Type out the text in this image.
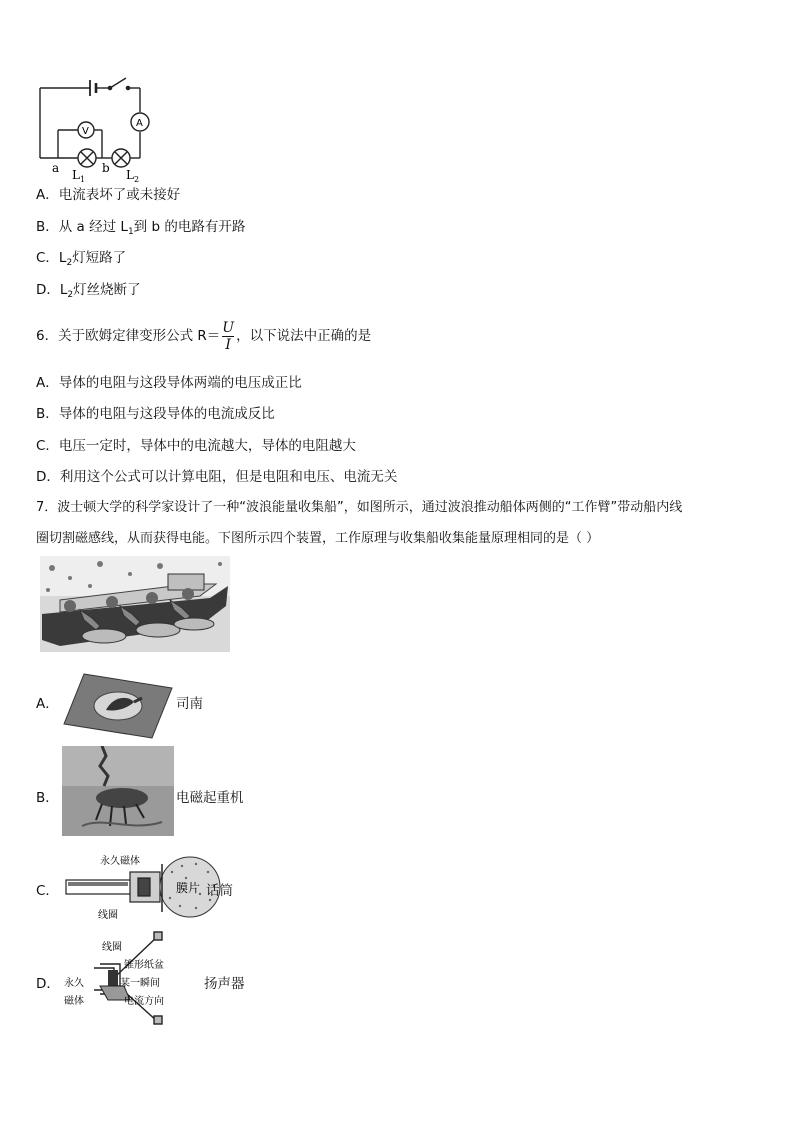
V
A
a	b
L 1	L 2
A．电流表坏了或未接好
B．从 a 经过 $L_1$到 b 的电路有开路
C．$L_2$灯短路了
D．$L_2$灯丝烧断了
6．关于欧姆定律变形公式 $R= \frac{U}{I}$ ，以下说法中正确的是
A．导体的电阻与这段导体两端的电压成正比
B．导体的电阻与这段导体的电流成反比
C．电压一定时，导体中的电流越大，导体的电阻越大
D．利用这个公式可以计算电阻，但是电阻和电压、电流无关
7．波士顿大学的科学家设计了一种“波浪能量收集船”，如图所示，通过波浪推动船体两侧的“工作臂”带动船内线
圈切割磁感线，从而获得电能。下图所示四个装置，工作原理与收集船收集能量原理相同的是（ ）
A．	司南
B．	电磁起重机
C．
永久磁体
膜片
线圈
话筒
D．
线圈
锥形纸盆
某一瞬间
电流方向
永久
磁体
扬声器
